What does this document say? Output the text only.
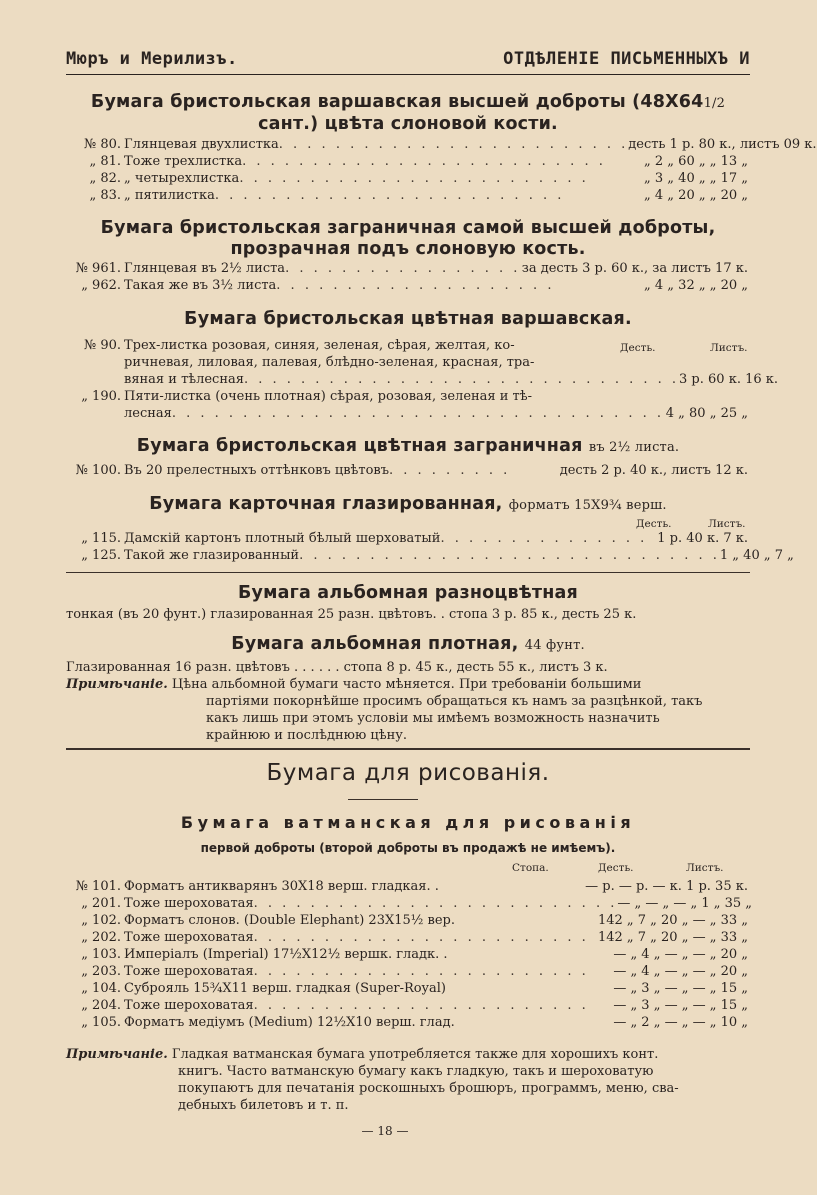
Мюръ и Мерилизъ.	ОТДѢЛЕНІЕ ПИСЬМЕННЫХЪ И
Бумага бристольская варшавская высшей доброты (48X641/2
сант.) цвѣта слоновой кости.
№ 80. Глянцевая двухлистка . . . . . . . . . . . . . . . . . . . . . . . . . десть 1 р. 80 к., листъ 09 к.
„ 81. Тоже трехлистка . . . . . . . . . . . . . . . . . . . . . . . . . .	„ 2 „ 60 „ „ 13 „
„ 82. „ четырехлистка . . . . . . . . . . . . . . . . . . . . . . . . .	„ 3 „ 40 „ „ 17 „
„ 83. „ пятилистка . . . . . . . . . . . . . . . . . . . . . . . . .	„ 4 „ 20 „ „ 20 „
Бумага бристольская заграничная самой высшей доброты,
прозрачная подъ слоновую кость.
№ 961. Глянцевая въ 2½ листа . . . . . . . . . . . . . . . . . за десть 3 р. 60 к., за листъ 17 к.
„ 962. Такая же въ 3½ листа . . . . . . . . . . . . . . . . . . . .	„ 4 „ 32 „ „ 20 „
Бумага бристольская цвѣтная варшавская.
Десть.	Листъ.
№ 90. Трех-листка розовая, синяя, зеленая, сѣрая, желтая, ко-
ричневая, лиловая, палевая, блѣдно-зеленая, красная, тра-
вяная и тѣлесная . . . . . . . . . . . . . . . . . . . . . . . . . . . . . . . 3 р. 60 к. 16 к.
„ 190. Пяти-листка (очень плотная) сѣрая, розовая, зеленая и тѣ-
лесная . . . . . . . . . . . . . . . . . . . . . . . . . . . . . . . . . . . 4 „ 80 „ 25 „
Бумага бристольская цвѣтная заграничная въ 2½ листа.
№ 100. Въ 20 прелестныхъ оттѣнковъ цвѣтовъ . . . . . . . . .	десть 2 р. 40 к., листъ 12 к.
Бумага карточная глазированная, форматъ 15X9¾ верш.
Десть.	Листъ.
„ 115. Дамскій картонъ плотный бѣлый шерховатый . . . . . . . . . . . . . . . 1 р. 40 к. 7 к.
„ 125. Такой же глазированный . . . . . . . . . . . . . . . . . . . . . . . . . . . . . . 1 „ 40 „ 7 „
Бумага альбомная разноцвѣтная
тонкая (въ 20 фунт.) глазированная 25 разн. цвѣтовъ. . стопа 3 р. 85 к., десть 25 к.
Бумага альбомная плотная, 44 фунт.
Глазированная 16 разн. цвѣтовъ . . . . . . стопа 8 р. 45 к., десть 55 к., листъ 3 к.
Примѣчаніе. Цѣна альбомной бумаги часто мѣняется. При требованіи большими
партіями покорнѣйше просимъ обращаться къ намъ за разцѣнкой, такъ
какъ лишь при этомъ условіи мы имѣемъ возможность назначить
крайнюю и послѣднюю цѣну.
Бумага для рисованія.
Бумага ватманская для рисованія
первой доброты (второй доброты въ продажѣ не имѣемъ).
Стопа.	Десть.	Листъ.
№ 101. Форматъ антикварянъ 30X18 верш. гладкая. .	— р. — р. — к. 1 р. 35 к.
„ 201. Тоже шероховатая . . . . . . . . . . . . . . . . . . . . . . . . . . — „ — „ — „ 1 „ 35 „
„ 102. Форматъ слонов. (Double Elephant) 23X15½ вер.	142 „ 7 „ 20 „ — „ 33 „
„ 202. Тоже шероховатая . . . . . . . . . . . . . . . . . . . . . . . . 142 „ 7 „ 20 „ — „ 33 „
„ 103. Имперіалъ (Imperial) 17½X12½ вершк. гладк. .	— „ 4 „ — „ — „ 20 „
„ 203. Тоже шероховатая . . . . . . . . . . . . . . . . . . . . . . . .	— „ 4 „ — „ — „ 20 „
„ 104. Суброяль 15¾X11 верш. гладкая (Super-Royal)	— „ 3 „ — „ — „ 15 „
„ 204. Тоже шероховатая . . . . . . . . . . . . . . . . . . . . . . . .	— „ 3 „ — „ — „ 15 „
„ 105. Форматъ медіумъ (Medium) 12½X10 верш. глад.	— „ 2 „ — „ — „ 10 „
Примѣчаніе. Гладкая ватманская бумага употребляется также для хорошихъ конт.
книгъ. Часто ватманскую бумагу какъ гладкую, такъ и шероховатую
покупаютъ для печатанія роскошныхъ брошюръ, программъ, меню, сва-
дебныхъ билетовъ и т. п.
— 18 —
